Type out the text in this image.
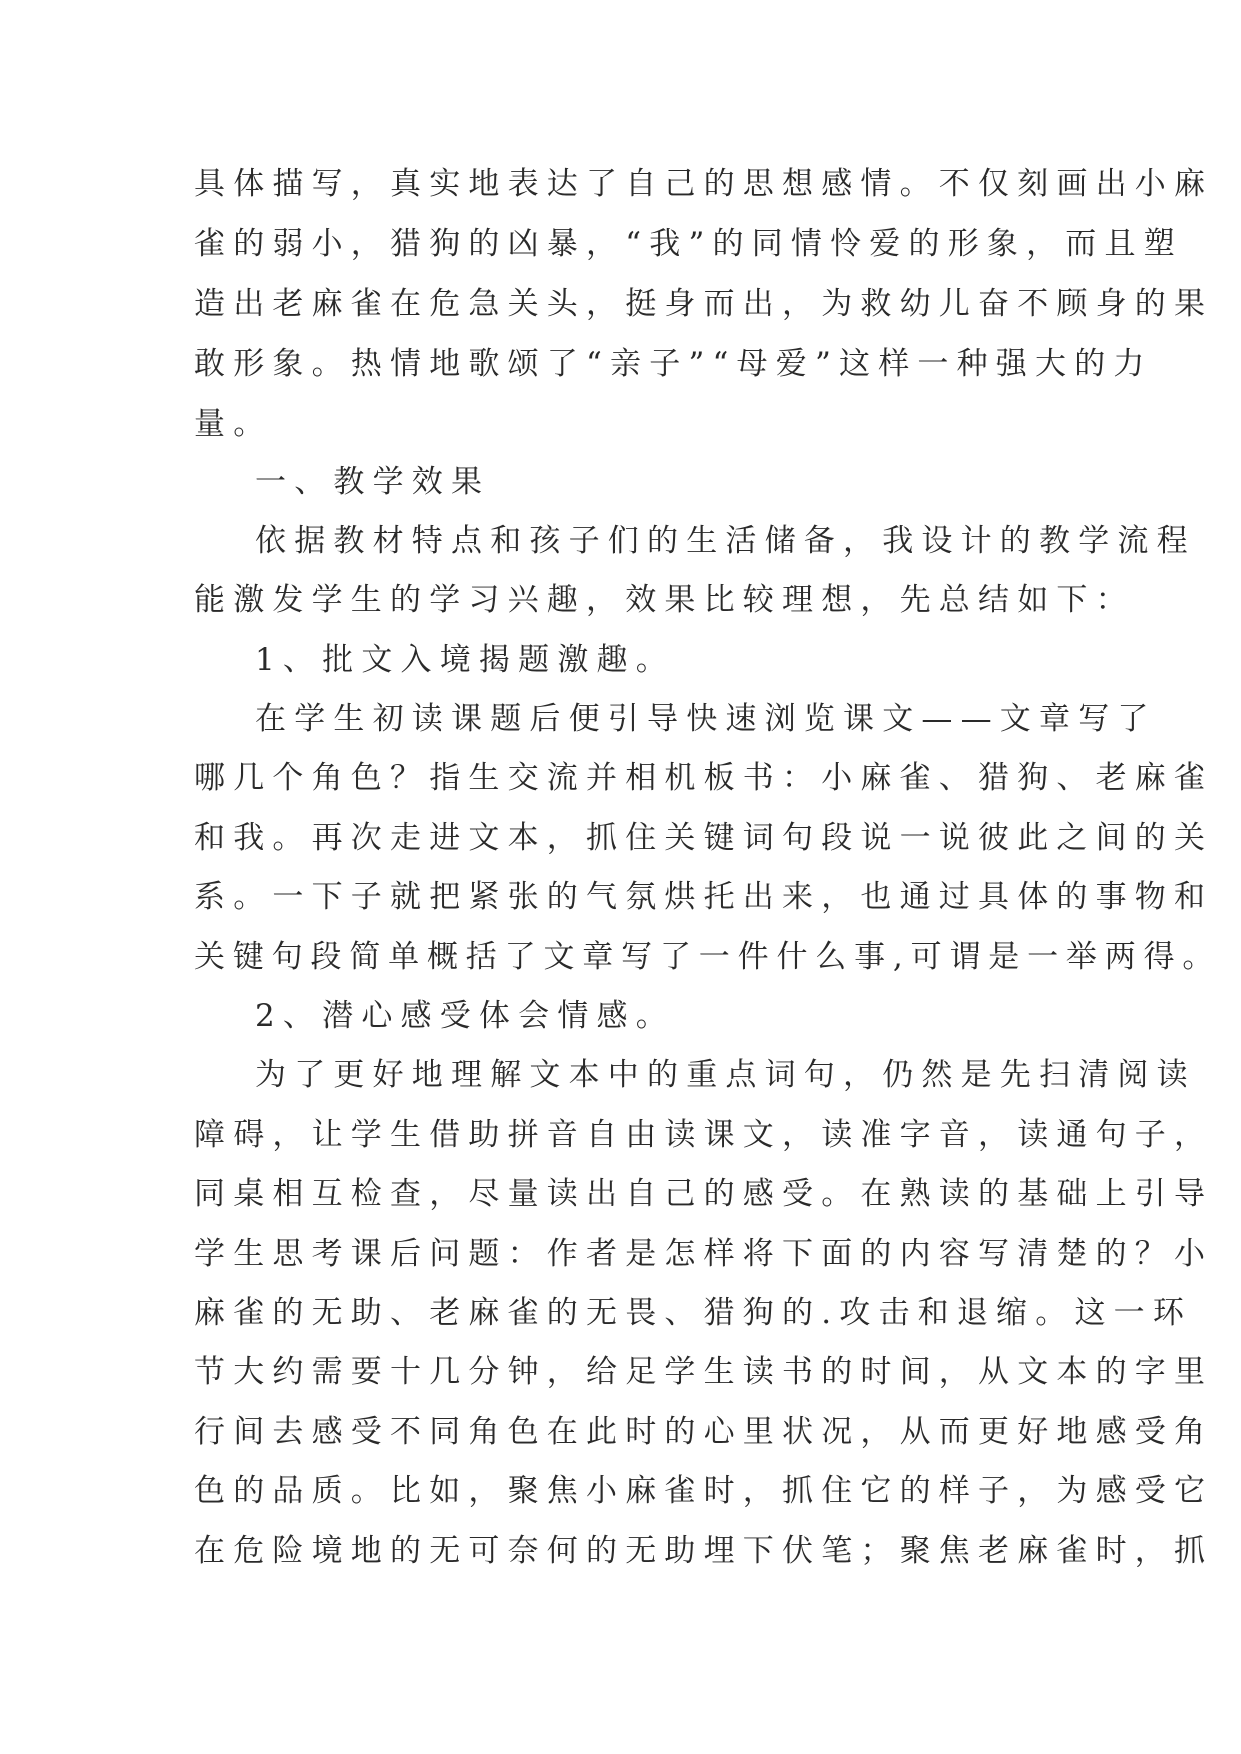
具体描写，真实地表达了自己的思想感情。不仅刻画出小麻
雀的弱小，猎狗的凶暴，“我”的同情怜爱的形象，而且塑
造出老麻雀在危急关头，挺身而出，为救幼儿奋不顾身的果
敢形象。热情地歌颂了“亲子”“母爱”这样一种强大的力
量。
一、教学效果
依据教材特点和孩子们的生活储备，我设计的教学流程
能激发学生的学习兴趣，效果比较理想，先总结如下：
1、批文入境揭题激趣。
在学生初读课题后便引导快速浏览课文——文章写了
哪几个角色？指生交流并相机板书：小麻雀、猎狗、老麻雀
和我。再次走进文本，抓住关键词句段说一说彼此之间的关
系。一下子就把紧张的气氛烘托出来，也通过具体的事物和
关键句段简单概括了文章写了一件什么事,可谓是一举两得。
2、潜心感受体会情感。
为了更好地理解文本中的重点词句，仍然是先扫清阅读
障碍，让学生借助拼音自由读课文，读准字音，读通句子，
同桌相互检查，尽量读出自己的感受。在熟读的基础上引导
学生思考课后问题：作者是怎样将下面的内容写清楚的？小
麻雀的无助、老麻雀的无畏、猎狗的.攻击和退缩。这一环
节大约需要十几分钟，给足学生读书的时间，从文本的字里
行间去感受不同角色在此时的心里状况，从而更好地感受角
色的品质。比如，聚焦小麻雀时，抓住它的样子，为感受它
在危险境地的无可奈何的无助埋下伏笔；聚焦老麻雀时，抓
